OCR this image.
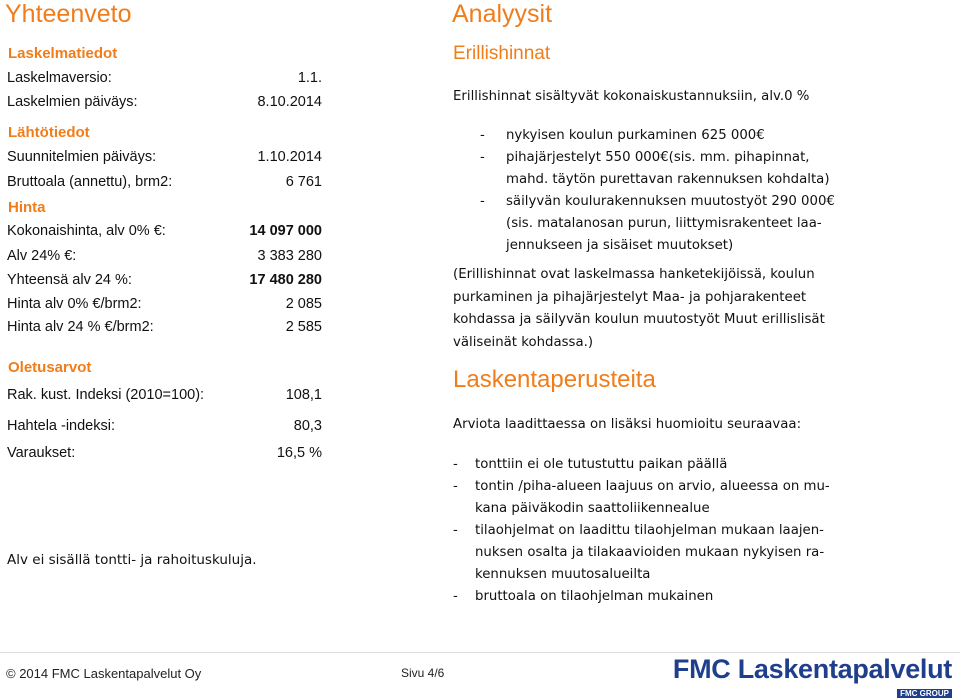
Yhteenveto
Laskelmatiedot
Laskelmaversio:	1.1.
Laskelmien päiväys:	8.10.2014
Lähtötiedot
Suunnitelmien päiväys:	1.10.2014
Bruttoala (annettu), brm2:	6 761
Hinta
Kokonaishinta, alv 0% €:	14 097 000
Alv 24% €:	3 383 280
Yhteensä alv 24 %:	17 480 280
Hinta alv 0% €/brm2:	2 085
Hinta alv 24 % €/brm2:	2 585
Oletusarvot
Rak. kust. Indeksi (2010=100):	108,1
Hahtela -indeksi:	80,3
Varaukset:	16,5 %
Alv ei sisällä tontti- ja rahoituskuluja.
Analyysit
Erillishinnat
Erillishinnat sisältyvät kokonaiskustannuksiin, alv.0 %
- nykyisen koulun purkaminen 625 000€
- pihajärjestelyt 550 000€(sis. mm. pihapinnat,
mahd. täytön purettavan rakennuksen kohdalta)
- säilyvän koulurakennuksen muutostyöt 290 000€
(sis. matalanosan purun, liittymisrakenteet laa-
jennukseen ja sisäiset muutokset)
(Erillishinnat ovat laskelmassa hanketekijöissä, koulun
purkaminen ja pihajärjestelyt Maa- ja pohjarakenteet
kohdassa ja säilyvän koulun muutostyöt Muut erillislisät
väliseinät kohdassa.)
Laskentaperusteita
Arviota laadittaessa on lisäksi huomioitu seuraavaa:
- tonttiin ei ole tutustuttu paikan päällä
- tontin /piha-alueen laajuus on arvio, alueessa on mu-
kana päiväkodin saattoliikennealue
- tilaohjelmat on laadittu tilaohjelman mukaan laajen-
nuksen osalta ja tilakaavioiden mukaan nykyisen ra-
kennuksen muutosalueilta
- bruttoala on tilaohjelman mukainen
© 2014 FMC Laskentapalvelut Oy	Sivu 4/6	FMC Laskentapalvelut
FMC GROUP
